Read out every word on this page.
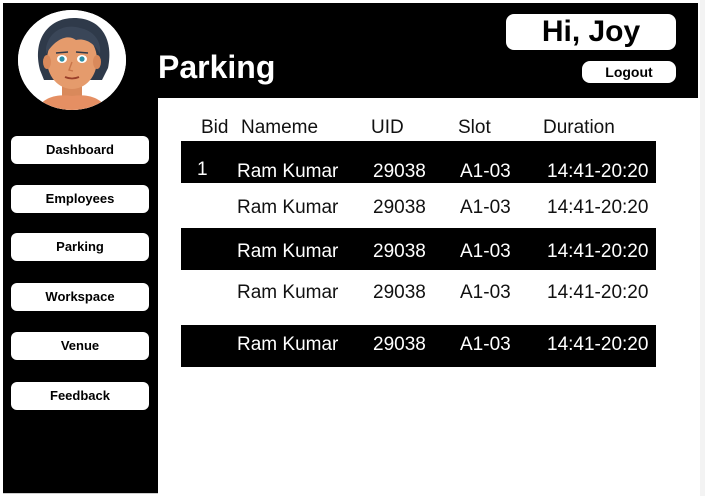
Dashboard
Employees
Parking
Workspace
Venue
Feedback
Parking
Hi, Joy
Logout
Bid Nameme	UID	Slot	Duration
1 Ram Kumar 29038 A1-03 14:41-20:20
Ram Kumar 29038 A1-03 14:41-20:20
Ram Kumar 29038 A1-03 14:41-20:20
Ram Kumar 29038 A1-03 14:41-20:20
Ram Kumar 29038 A1-03 14:41-20:20
